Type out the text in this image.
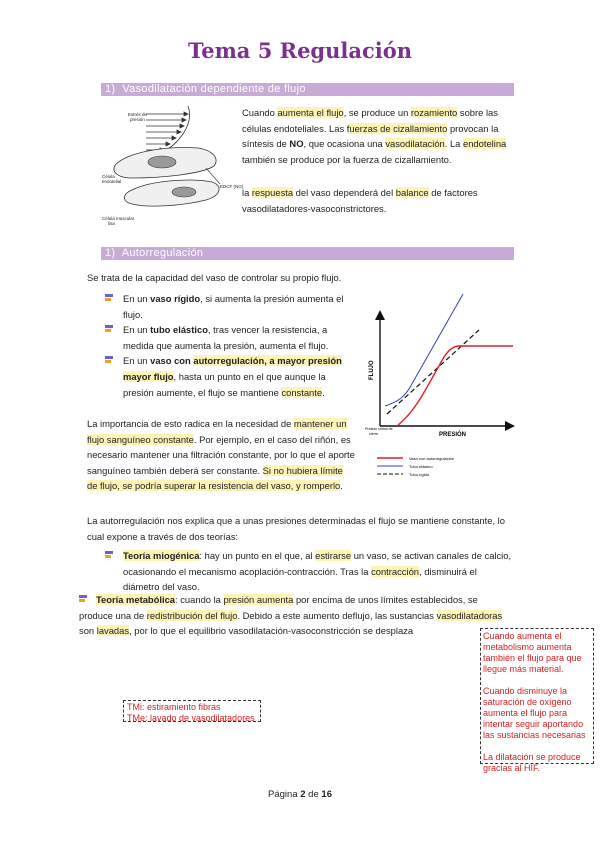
Tema 5 Regulación
1) Vasodilatación dependiente de flujo
Célula
endotelial
EDCF (NO)
Estrés de
presión
Célula muscular
lisa
Cuando aumenta el flujo, se produce un rozamiento sobre las células endoteliales. Las fuerzas de cizallamiento provocan la síntesis de NO, que ocasiona una vasodilatación. La endotelina también se produce por la fuerza de cizallamiento.
la respuesta del vaso dependerá del balance de factores vasodilatadores-vasoconstrictores.
1) Autorregulación
Se trata de la capacidad del vaso de controlar su propio flujo.
En un vaso rígido, si aumenta la presión aumenta el flujo.
En un tubo elástico, tras vencer la resistencia, a medida que aumenta la presión, aumenta el flujo.
En un vaso con autorregulación, a mayor presión mayor flujo, hasta un punto en el que aunque la presión aumente, el flujo se mantiene constante.
FLUJO
PRESIÓN
Presión critica de
cierre
Vaso con autorregulación
Tubo elástico
Tubo rígido
La importancia de esto radica en la necesidad de mantener un flujo sanguíneo constante. Por ejemplo, en el caso del riñón, es necesario mantener una filtración constante, por lo que el aporte sanguíneo también deberá ser constante. Si no hubiera límite de flujo, se podría superar la resistencia del vaso, y romperlo.
La autorregulación nos explica que a unas presiones determinadas el flujo se mantiene constante, lo cual expone a través de dos teorías:
Teoría miogénica: hay un punto en el que, al estirarse un vaso, se activan canales de calcio, ocasionando el mecanismo acoplación-contracción. Tras la contracción, disminuirá el diámetro del vaso.
Teoría metabólica: cuando la presión aumenta por encima de unos límites establecidos, se produce una de redistribución del flujo. Debido a este aumento deflujo, las sustancias vasodilatadoras son lavadas, por lo que el equilibrio vasodilatación-vasoconstricción se desplaza
TMi: estiramiento fibras
TMe: lavado de vasodilatadores
Cuando aumenta el metabolismo aumenta también el flujo para que llegue más material.
Cuando disminuye la saturación de oxígeno aumenta el flujo para intentar seguir aportando las sustancias necesarias
La dilatación se produce gracias al HIF.
Página 2 de 16
